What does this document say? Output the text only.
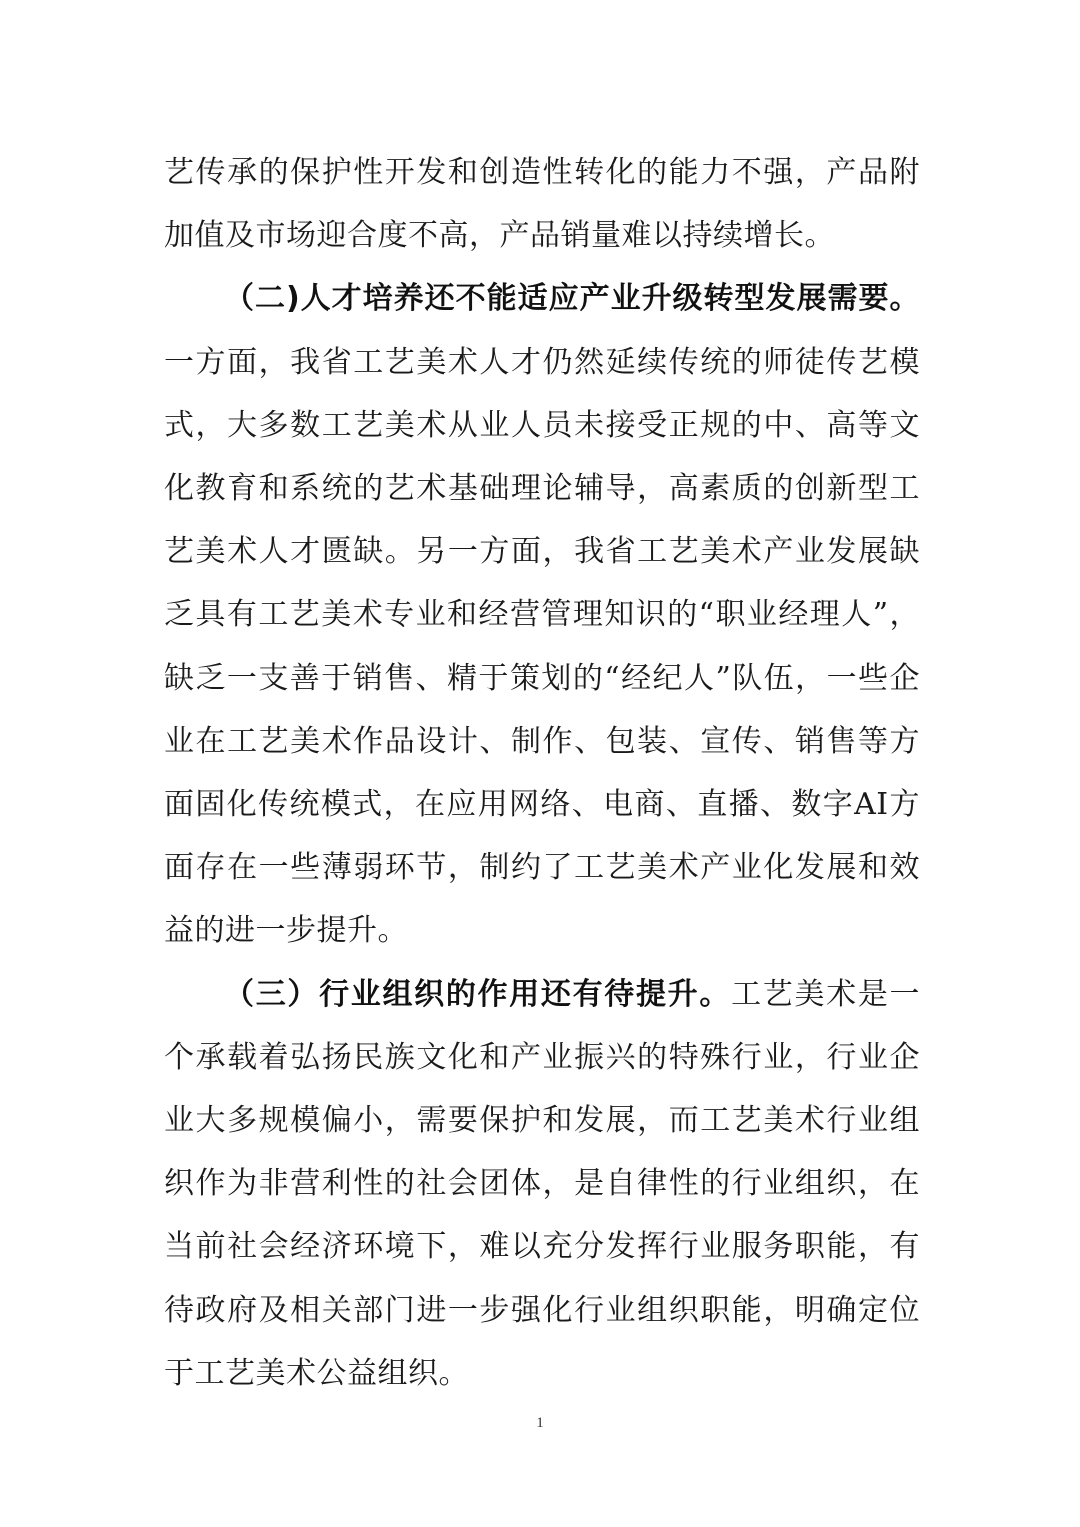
艺传承的保护性开发和创造性转化的能力不强，产品附加值及市场迎合度不高，产品销量难以持续增长。

（二)人才培养还不能适应产业升级转型发展需要。一方面，我省工艺美术人才仍然延续传统的师徒传艺模式，大多数工艺美术从业人员未接受正规的中、高等文化教育和系统的艺术基础理论辅导，高素质的创新型工艺美术人才匮缺。另一方面，我省工艺美术产业发展缺乏具有工艺美术专业和经营管理知识的“职业经理人”，缺乏一支善于销售、精于策划的“经纪人”队伍，一些企业在工艺美术作品设计、制作、包装、宣传、销售等方面固化传统模式，在应用网络、电商、直播、数字AI方面存在一些薄弱环节，制约了工艺美术产业化发展和效益的进一步提升。

（三）行业组织的作用还有待提升。工艺美术是一个承载着弘扬民族文化和产业振兴的特殊行业，行业企业大多规模偏小，需要保护和发展，而工艺美术行业组织作为非营利性的社会团体，是自律性的行业组织，在当前社会经济环境下，难以充分发挥行业服务职能，有待政府及相关部门进一步强化行业组织职能，明确定位于工艺美术公益组织。

1
